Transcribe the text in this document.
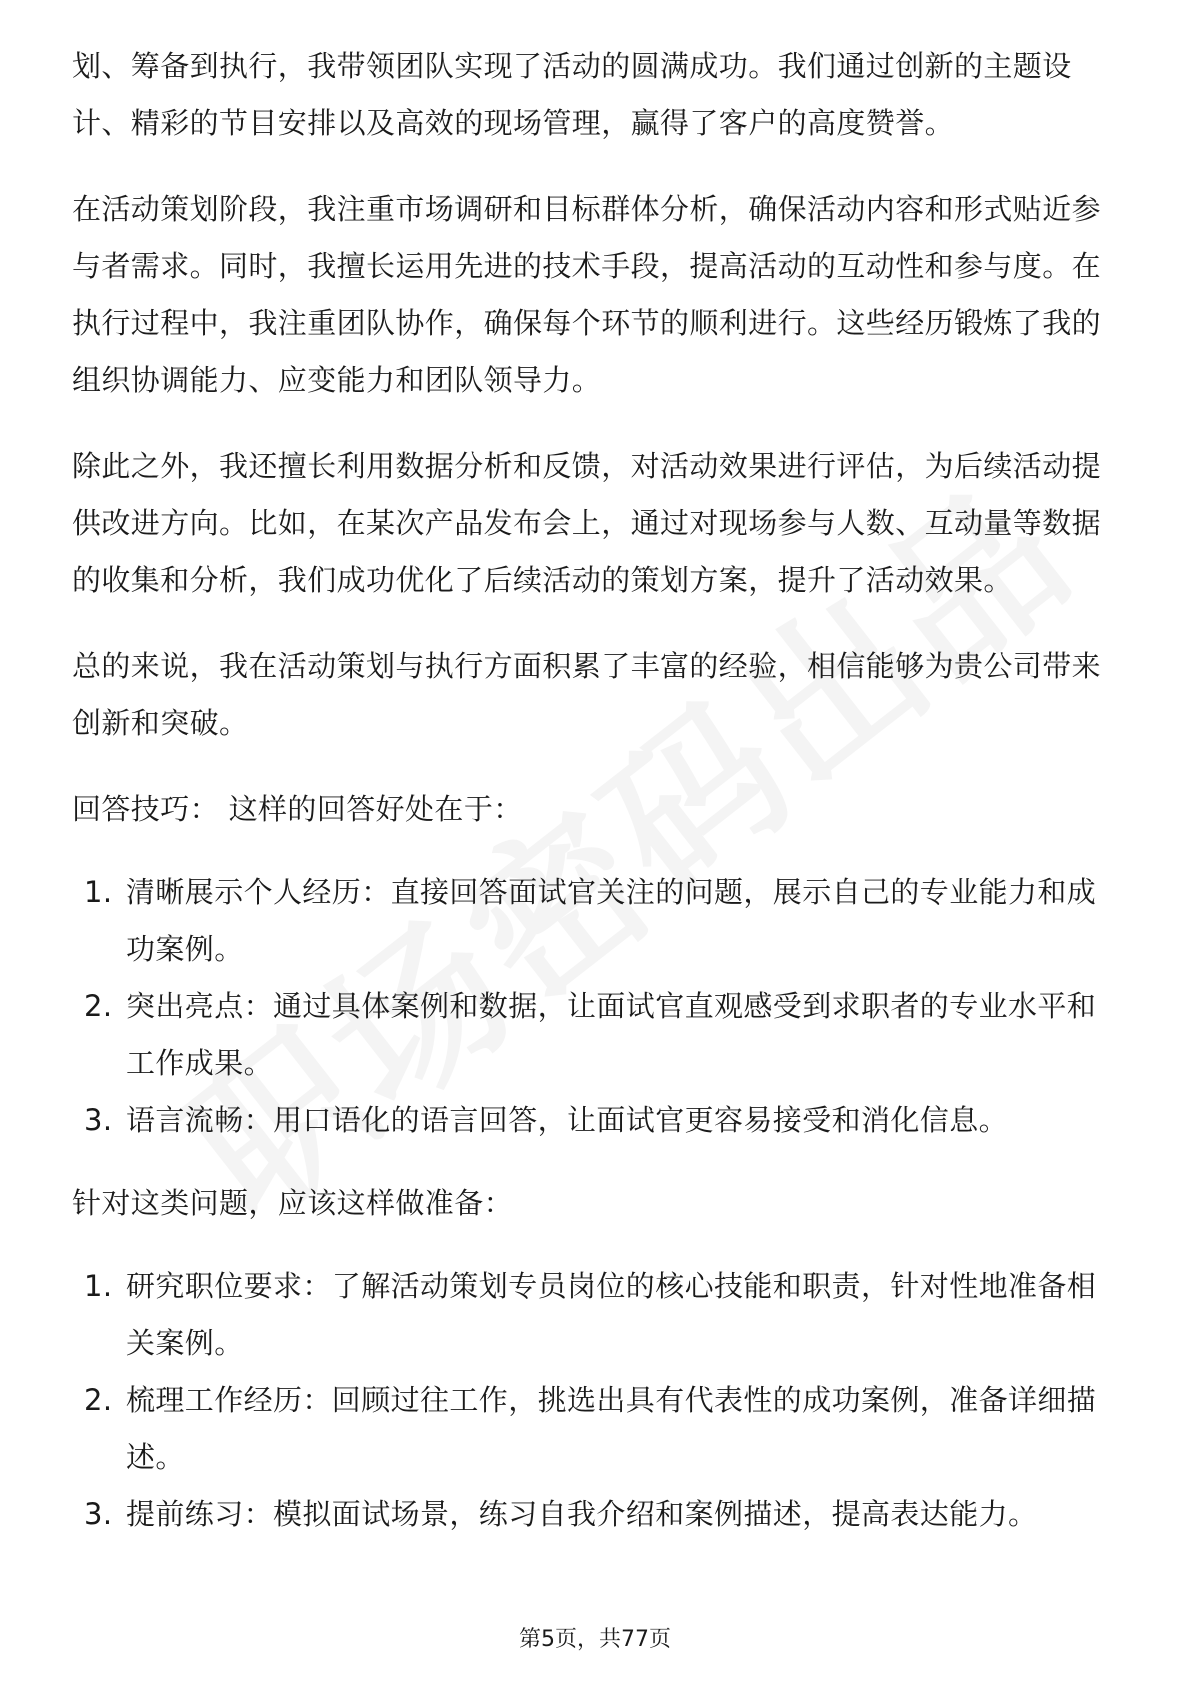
划、筹备到执行，我带领团队实现了活动的圆满成功。我们通过创新的主题设计、精彩的节目安排以及高效的现场管理，赢得了客户的高度赞誉。

在活动策划阶段，我注重市场调研和目标群体分析，确保活动内容和形式贴近参与者需求。同时，我擅长运用先进的技术手段，提高活动的互动性和参与度。在执行过程中，我注重团队协作，确保每个环节的顺利进行。这些经历锻炼了我的组织协调能力、应变能力和团队领导力。

除此之外，我还擅长利用数据分析和反馈，对活动效果进行评估，为后续活动提供改进方向。比如，在某次产品发布会上，通过对现场参与人数、互动量等数据的收集和分析，我们成功优化了后续活动的策划方案，提升了活动效果。

总的来说，我在活动策划与执行方面积累了丰富的经验，相信能够为贵公司带来创新和突破。

回答技巧： 这样的回答好处在于：

1. 清晰展示个人经历：直接回答面试官关注的问题，展示自己的专业能力和成功案例。
2. 突出亮点：通过具体案例和数据，让面试官直观感受到求职者的专业水平和工作成果。
3. 语言流畅：用口语化的语言回答，让面试官更容易接受和消化信息。

针对这类问题，应该这样做准备：

1. 研究职位要求：了解活动策划专员岗位的核心技能和职责，针对性地准备相关案例。
2. 梳理工作经历：回顾过往工作，挑选出具有代表性的成功案例，准备详细描述。
3. 提前练习：模拟面试场景，练习自我介绍和案例描述，提高表达能力。
第5页，共77页
